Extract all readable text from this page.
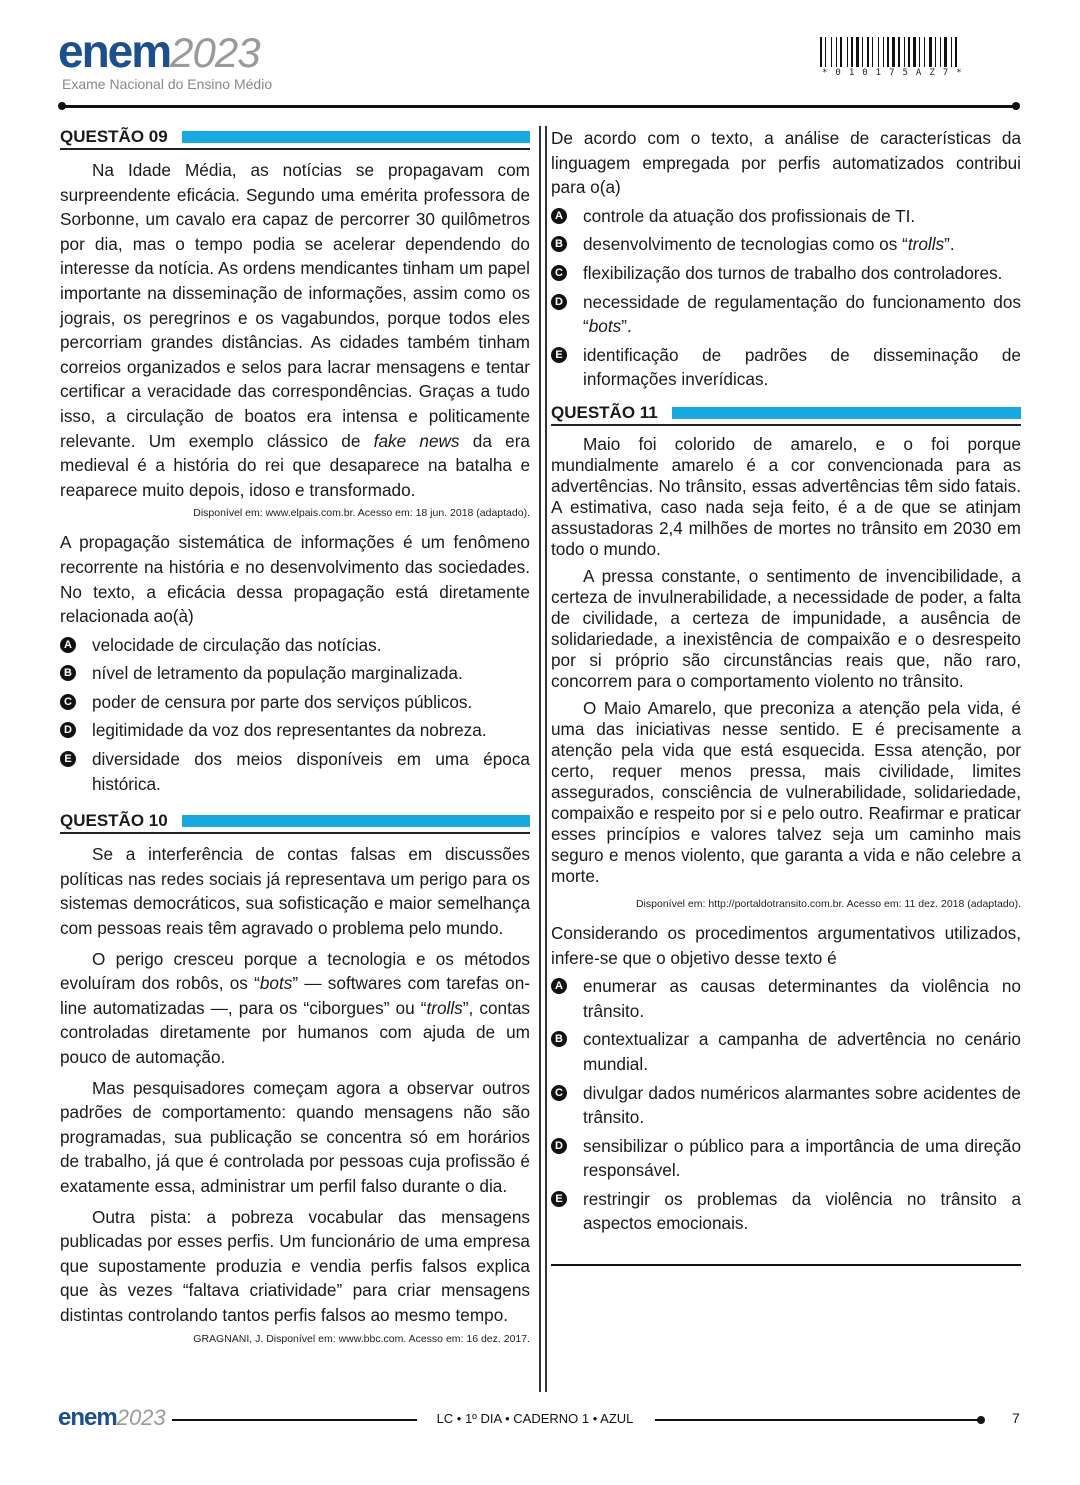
enem2023
Exame Nacional do Ensino Médio
*010175AZ7*
QUESTÃO 09

Na Idade Média, as notícias se propagavam com surpreendente eficácia. Segundo uma emérita professora de Sorbonne, um cavalo era capaz de percorrer 30 quilômetros por dia, mas o tempo podia se acelerar dependendo do interesse da notícia. As ordens mendicantes tinham um papel importante na disseminação de informações, assim como os jograis, os peregrinos e os vagabundos, porque todos eles percorriam grandes distâncias. As cidades também tinham correios organizados e selos para lacrar mensagens e tentar certificar a veracidade das correspondências. Graças a tudo isso, a circulação de boatos era intensa e politicamente relevante. Um exemplo clássico de fake news da era medieval é a história do rei que desaparece na batalha e reaparece muito depois, idoso e transformado.

Disponível em: www.elpais.com.br. Acesso em: 18 jun. 2018 (adaptado).

A propagação sistemática de informações é um fenômeno recorrente na história e no desenvolvimento das sociedades. No texto, a eficácia dessa propagação está diretamente relacionada ao(à)

A velocidade de circulação das notícias.
B nível de letramento da população marginalizada.
C poder de censura por parte dos serviços públicos.
D legitimidade da voz dos representantes da nobreza.
E diversidade dos meios disponíveis em uma época histórica.
QUESTÃO 10

Se a interferência de contas falsas em discussões políticas nas redes sociais já representava um perigo para os sistemas democráticos, sua sofisticação e maior semelhança com pessoas reais têm agravado o problema pelo mundo.

O perigo cresceu porque a tecnologia e os métodos evoluíram dos robôs, os “bots” — softwares com tarefas on-line automatizadas —, para os “ciborgues” ou “trolls”, contas controladas diretamente por humanos com ajuda de um pouco de automação.

Mas pesquisadores começam agora a observar outros padrões de comportamento: quando mensagens não são programadas, sua publicação se concentra só em horários de trabalho, já que é controlada por pessoas cuja profissão é exatamente essa, administrar um perfil falso durante o dia.

Outra pista: a pobreza vocabular das mensagens publicadas por esses perfis. Um funcionário de uma empresa que supostamente produzia e vendia perfis falsos explica que às vezes “faltava criatividade” para criar mensagens distintas controlando tantos perfis falsos ao mesmo tempo.

GRAGNANI, J. Disponível em: www.bbc.com. Acesso em: 16 dez. 2017.

De acordo com o texto, a análise de características da linguagem empregada por perfis automatizados contribui para o(a)

A controle da atuação dos profissionais de TI.
B desenvolvimento de tecnologias como os “trolls”.
C flexibilização dos turnos de trabalho dos controladores.
D necessidade de regulamentação do funcionamento dos “bots”.
E identificação de padrões de disseminação de informações inverídicas.
QUESTÃO 11

Maio foi colorido de amarelo, e o foi porque mundialmente amarelo é a cor convencionada para as advertências. No trânsito, essas advertências têm sido fatais. A estimativa, caso nada seja feito, é a de que se atinjam assustadoras 2,4 milhões de mortes no trânsito em 2030 em todo o mundo.

A pressa constante, o sentimento de invencibilidade, a certeza de invulnerabilidade, a necessidade de poder, a falta de civilidade, a certeza de impunidade, a ausência de solidariedade, a inexistência de compaixão e o desrespeito por si próprio são circunstâncias reais que, não raro, concorrem para o comportamento violento no trânsito.

O Maio Amarelo, que preconiza a atenção pela vida, é uma das iniciativas nesse sentido. E é precisamente a atenção pela vida que está esquecida. Essa atenção, por certo, requer menos pressa, mais civilidade, limites assegurados, consciência de vulnerabilidade, solidariedade, compaixão e respeito por si e pelo outro. Reafirmar e praticar esses princípios e valores talvez seja um caminho mais seguro e menos violento, que garanta a vida e não celebre a morte.

Disponível em: http://portaldotransito.com.br. Acesso em: 11 dez. 2018 (adaptado).

Considerando os procedimentos argumentativos utilizados, infere-se que o objetivo desse texto é

A enumerar as causas determinantes da violência no trânsito.
B contextualizar a campanha de advertência no cenário mundial.
C divulgar dados numéricos alarmantes sobre acidentes de trânsito.
D sensibilizar o público para a importância de uma direção responsável.
E restringir os problemas da violência no trânsito a aspectos emocionais.
enem2023	LC • 1º DIA • CADERNO 1 • AZUL	7
